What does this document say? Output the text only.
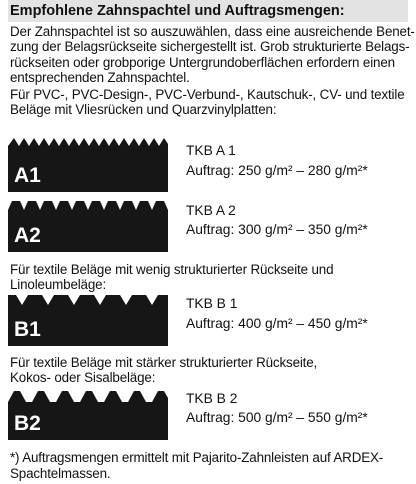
Empfohlene Zahnspachtel und Auftragsmengen:
Der Zahnspachtel ist so auszuwählen, dass eine ausreichende Benet-
zung der Belagsrückseite sichergestellt ist. Grob strukturierte Belags-
rückseiten oder grobporige Untergrundoberflächen erfordern einen
entsprechenden Zahnspachtel.
Für PVC-, PVC-Design-, PVC-Verbund-, Kautschuk-, CV- und textile
Beläge mit Vliesrücken und Quarzvinylplatten:
A1
TKB A 1
Auftrag: 250 g/m² – 280 g/m²*
A2
TKB A 2
Auftrag: 300 g/m² – 350 g/m²*
Für textile Beläge mit wenig strukturierter Rückseite und
Linoleumbeläge:
B1
TKB B 1
Auftrag: 400 g/m² – 450 g/m²*
Für textile Beläge mit stärker strukturierter Rückseite,
Kokos- oder Sisalbeläge:
B2
TKB B 2
Auftrag: 500 g/m² – 550 g/m²*
*) Auftragsmengen ermittelt mit Pajarito-Zahnleisten auf ARDEX-
Spachtelmassen.
